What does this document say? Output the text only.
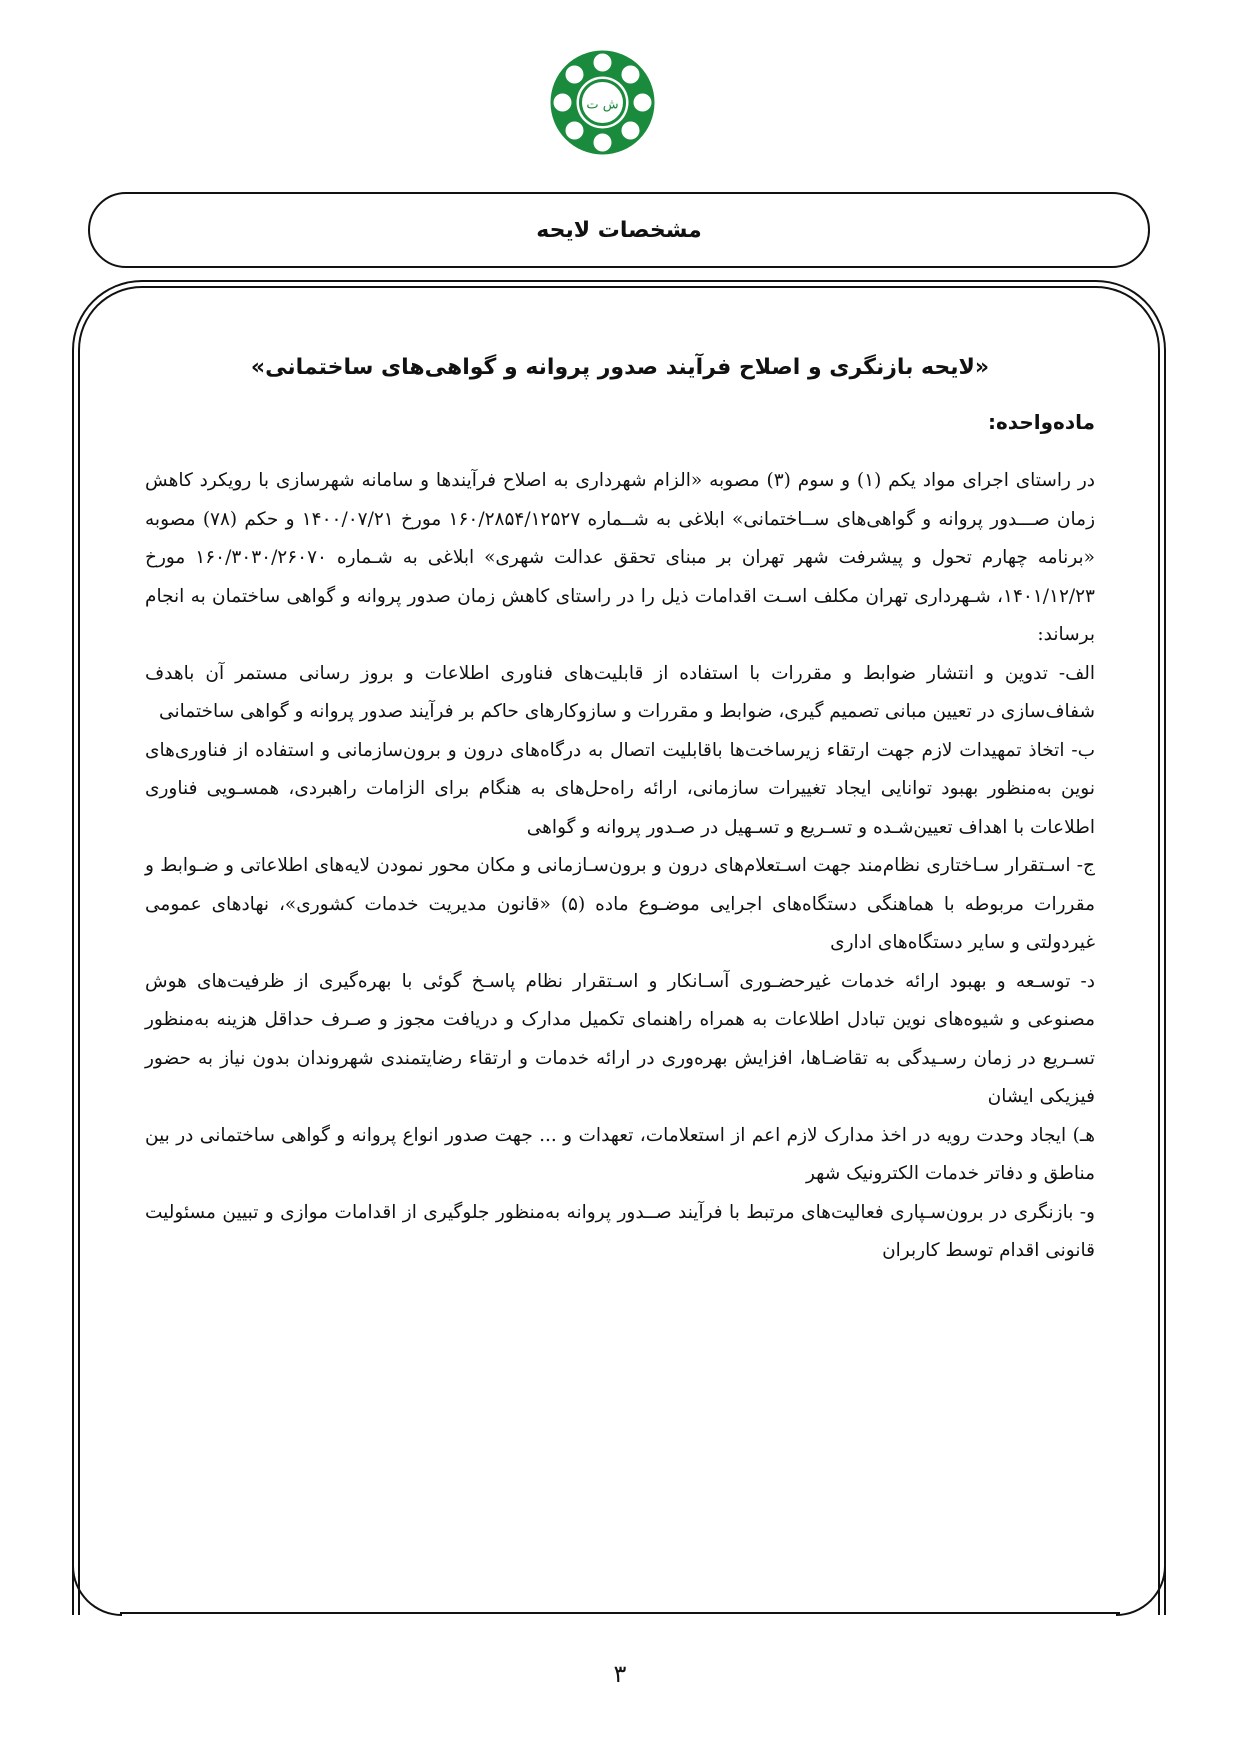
ش ت
مشخصات لایحه

«لایحه بازنگری و اصلاح فرآیند صدور پروانه و گواهی‌های ساختمانی»

ماده‌واحده:

در راستای اجرای مواد یکم (۱) و سوم (۳) مصوبه «الزام شهرداری به اصلاح فرآیندها و سامانه شهرسازی با رویکرد کاهش زمان صـــدور پروانه و گواهی‌های ســاختمانی» ابلاغی به شــماره ۱۶۰/۲۸۵۴/۱۲۵۲۷ مورخ ۱۴۰۰/۰۷/۲۱ و حکم (۷۸) مصوبه «برنامه چهارم تحول و پیشرفت شهر تهران بر مبنای تحقق عدالت شهری» ابلاغی به شـماره ۱۶۰/۳۰۳۰/۲۶۰۷۰ مورخ ۱۴۰۱/۱۲/۲۳، شـهرداری تهران مکلف اسـت اقدامات ذیل را در راستای کاهش زمان صدور پروانه و گواهی ساختمان به انجام برساند:

الف- تدوین و انتشار ضوابط و مقررات با استفاده از قابلیت‌های فناوری اطلاعات و بروز رسانی مستمر آن باهدف شفاف‌سازی در تعیین مبانی تصمیم گیری، ضوابط و مقررات و سازوکارهای حاکم بر فرآیند صدور پروانه و گواهی ساختمانی

ب- اتخاذ تمهیدات لازم جهت ارتقاء زیرساخت‌ها باقابلیت اتصال به درگاه‌های درون و برون‌سازمانی و استفاده از فناوری‌های نوین به‌منظور بهبود توانایی ایجاد تغییرات سازمانی، ارائه راه‌حل‌های به هنگام برای الزامات راهبردی، همسـویی فناوری اطلاعات با اهداف تعیین‌شـده و تسـریع و تسـهیل در صـدور پروانه و گواهی

ج- اسـتقرار سـاختاری نظام‌مند جهت اسـتعلام‌های درون و برون‌سـازمانی و مکان محور نمودن لایه‌های اطلاعاتی و ضـوابط و مقررات مربوطه با هماهنگی دستگاه‌های اجرایی موضـوع ماده (۵) «قانون مدیریت خدمات کشوری»، نهادهای عمومی غیردولتی و سایر دستگاه‌های اداری

د- توسـعه و بهبود ارائه خدمات غیرحضـوری آسـانکار و اسـتقرار نظام پاسـخ گوئی با بهره‌گیری از ظرفیت‌های هوش مصنوعی و شیوه‌های نوین تبادل اطلاعات به همراه راهنمای تکمیل مدارک و دریافت مجوز و صـرف حداقل هزینه به‌منظور تسـریع در زمان رسـیدگی به تقاضـاها، افزایش بهره‌وری در ارائه خدمات و ارتقاء رضایتمندی شهروندان بدون نیاز به حضور فیزیکی ایشان

هـ) ایجاد وحدت رویه در اخذ مدارک لازم اعم از استعلامات، تعهدات و ... جهت صدور انواع پروانه و گواهی ساختمانی در بین مناطق و دفاتر خدمات الکترونیک شهر

و- بازنگری در برون‌سـپاری فعالیت‌های مرتبط با فرآیند صــدور پروانه به‌منظور جلوگیری از اقدامات موازی و تبیین مسئولیت قانونی اقدام توسط کاربران

۳
